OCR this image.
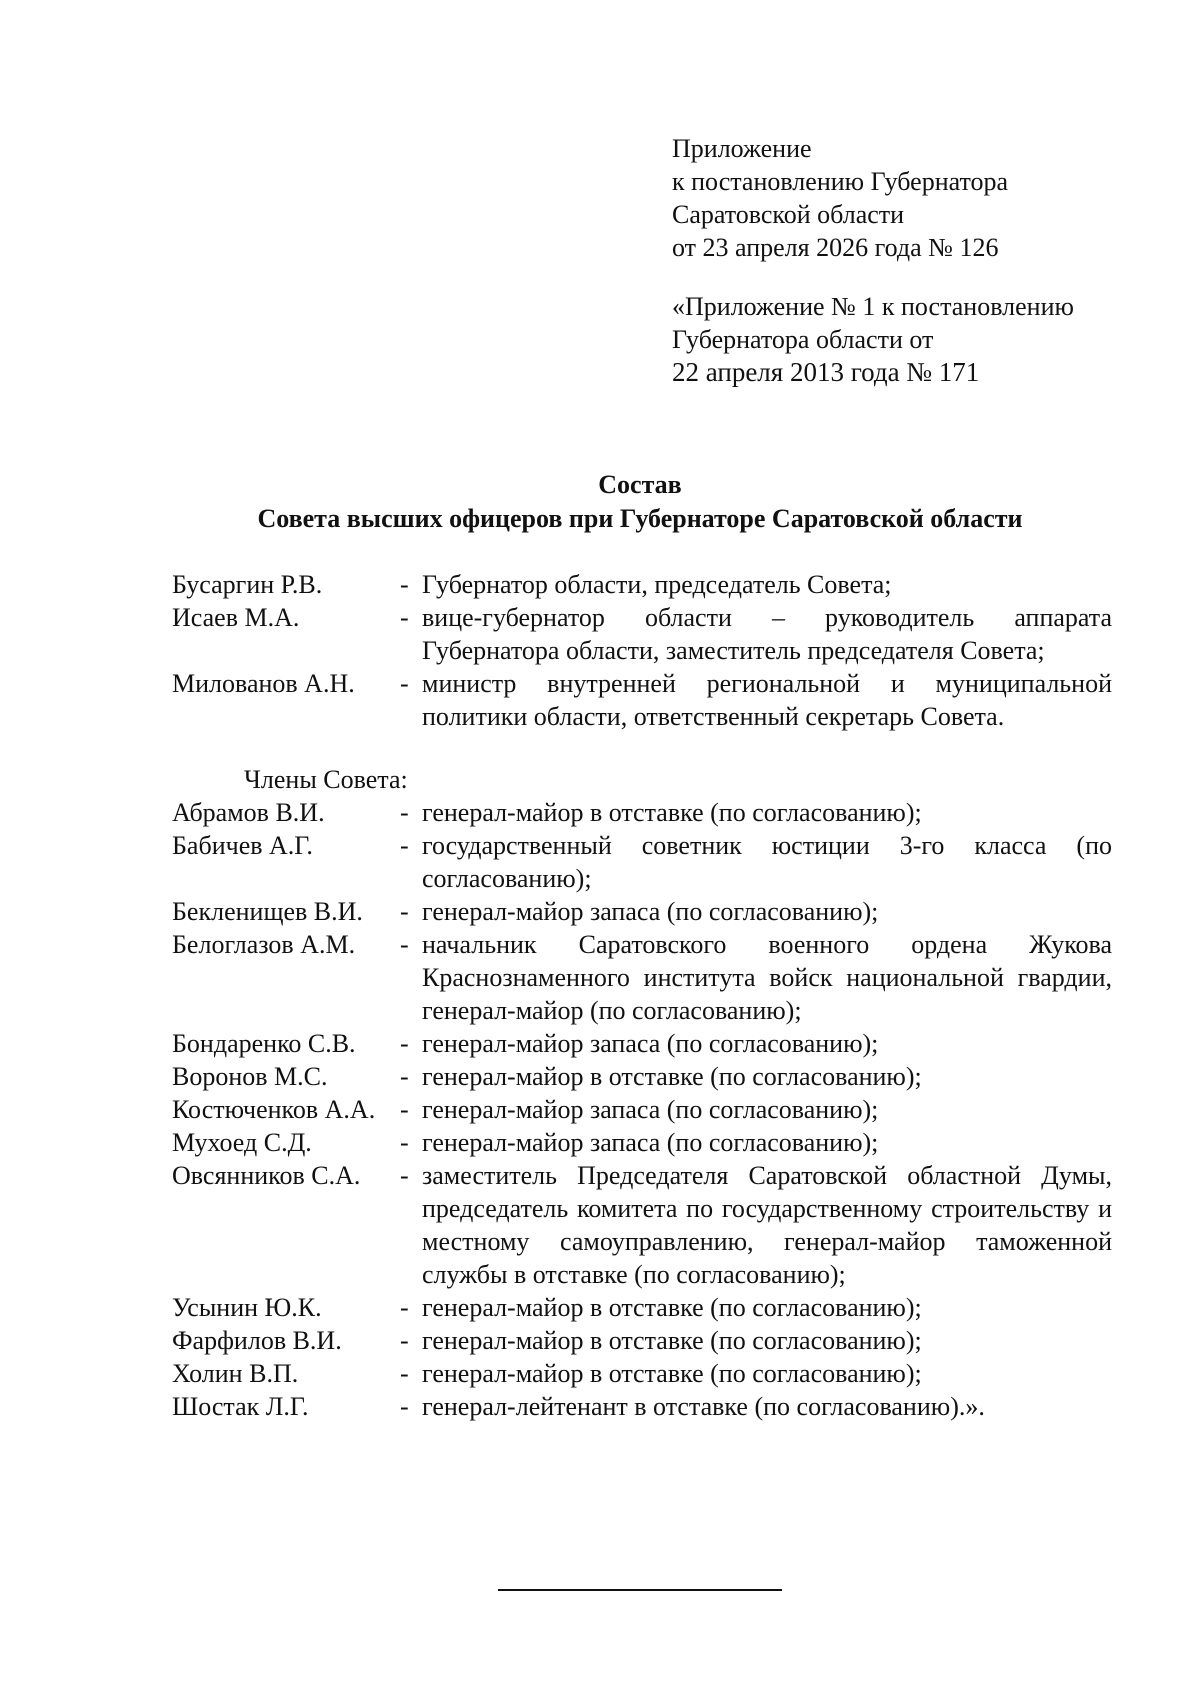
Приложение
к постановлению Губернатора
Саратовской области
от 23 апреля 2026 года № 126
«Приложение № 1 к постановлению
Губернатора области от
22 апреля 2013 года № 171
Состав
Совета высших офицеров при Губернаторе Саратовской области
Бусаргин Р.В.	- Губернатор области, председатель Совета;
Исаев М.А.	- вице-губернатор области – руководитель аппарата Губернатора области, заместитель председателя Совета;
Милованов А.Н.	- министр внутренней региональной и муниципальной политики области, ответственный секретарь Совета.
Члены Совета:
Абрамов В.И.	- генерал-майор в отставке (по согласованию);
Бабичев А.Г.	- государственный советник юстиции 3-го класса (по согласованию);
Бекленищев В.И.	- генерал-майор запаса (по согласованию);
Белоглазов А.М.	- начальник Саратовского военного ордена Жукова Краснознаменного института войск национальной гвардии, генерал-майор (по согласованию);
Бондаренко С.В.	- генерал-майор запаса (по согласованию);
Воронов М.С.	- генерал-майор в отставке (по согласованию);
Костюченков А.А. - генерал-майор запаса (по согласованию);
Мухоед С.Д.	- генерал-майор запаса (по согласованию);
Овсянников С.А.	- заместитель Председателя Саратовской областной Думы, председатель комитета по государственному строительству и местному самоуправлению, генерал-майор таможенной службы в отставке (по согласованию);
Усынин Ю.К.	- генерал-майор в отставке (по согласованию);
Фарфилов В.И.	- генерал-майор в отставке (по согласованию);
Холин В.П.	- генерал-майор в отставке (по согласованию);
Шостак Л.Г.	- генерал-лейтенант в отставке (по согласованию).».
